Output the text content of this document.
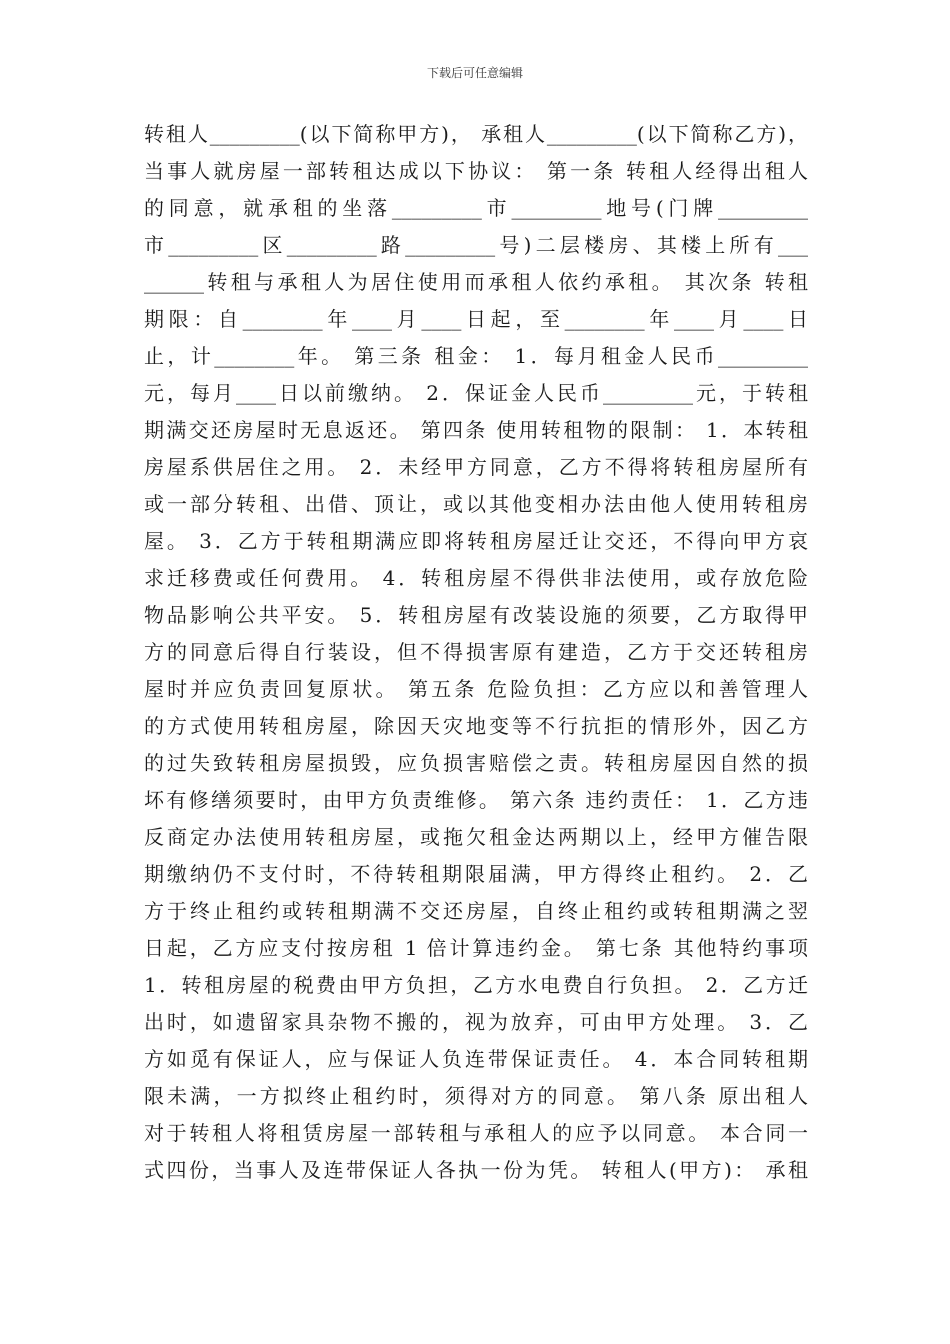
下载后可任意编辑
转租人_________(以下简称甲方)， 承租人_________(以下简称乙方)，
当事人就房屋一部转租达成以下协议： 第一条 转租人经得出租人
的同意，就承租的坐落_________市_________地号(门牌_________
市_________区_________路_________号)二层楼房、其楼上所有___
______转租与承租人为居住使用而承租人依约承租。 其次条 转租
期限：自________年____月____日起，至________年____月____日
止，计________年。 第三条 租金： 1．每月租金人民币_________
元，每月____日以前缴纳。 2．保证金人民币_________元，于转租
期满交还房屋时无息返还。 第四条 使用转租物的限制： 1．本转租
房屋系供居住之用。 2．未经甲方同意，乙方不得将转租房屋所有
或一部分转租、出借、顶让，或以其他变相办法由他人使用转租房
屋。 3．乙方于转租期满应即将转租房屋迁让交还，不得向甲方哀
求迁移费或任何费用。 4．转租房屋不得供非法使用，或存放危险
物品影响公共平安。 5．转租房屋有改装设施的须要，乙方取得甲
方的同意后得自行装设，但不得损害原有建造，乙方于交还转租房
屋时并应负责回复原状。 第五条 危险负担：乙方应以和善管理人
的方式使用转租房屋，除因天灾地变等不行抗拒的情形外，因乙方
的过失致转租房屋损毁，应负损害赔偿之责。转租房屋因自然的损
坏有修缮须要时，由甲方负责维修。 第六条 违约责任： 1．乙方违
反商定办法使用转租房屋，或拖欠租金达两期以上，经甲方催告限
期缴纳仍不支付时，不待转租期限届满，甲方得终止租约。 2．乙
方于终止租约或转租期满不交还房屋，自终止租约或转租期满之翌
日起，乙方应支付按房租 1 倍计算违约金。 第七条 其他特约事项
1．转租房屋的税费由甲方负担，乙方水电费自行负担。 2．乙方迁
出时，如遗留家具杂物不搬的，视为放弃，可由甲方处理。 3．乙
方如觅有保证人，应与保证人负连带保证责任。 4．本合同转租期
限未满，一方拟终止租约时，须得对方的同意。 第八条 原出租人
对于转租人将租赁房屋一部转租与承租人的应予以同意。 本合同一
式四份，当事人及连带保证人各执一份为凭。 转租人(甲方)： 承租
